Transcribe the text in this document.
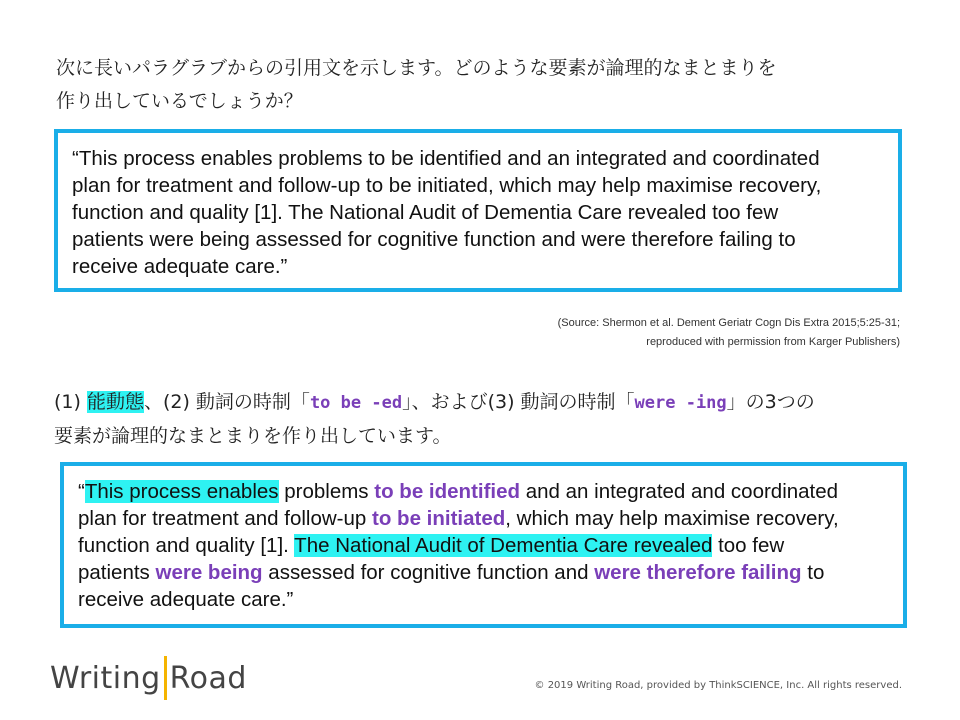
次に長いパラグラブからの引用文を示します。どのような要素が論理的なまとまりを
作り出しているでしょうか？
“This process enables problems to be identified and an integrated and coordinated
plan for treatment and follow-up to be initiated, which may help maximise recovery,
function and quality [1]. The National Audit of Dementia Care revealed too few
patients were being assessed for cognitive function and were therefore failing to
receive adequate care.”
(Source: Shermon et al. Dement Geriatr Cogn Dis Extra 2015;5:25-31;
reproduced with permission from Karger Publishers)
(1) 能動態、(2) 動詞の時制「to be -ed」、および(3) 動詞の時制「were -ing」の3つの
要素が論理的なまとまりを作り出しています。
“This process enables problems to be identified and an integrated and coordinated
plan for treatment and follow-up to be initiated, which may help maximise recovery,
function and quality [1]. The National Audit of Dementia Care revealed too few
patients were being assessed for cognitive function and were therefore failing to
receive adequate care.”
Writing Road	© 2019 Writing Road, provided by ThinkSCIENCE, Inc. All rights reserved.
